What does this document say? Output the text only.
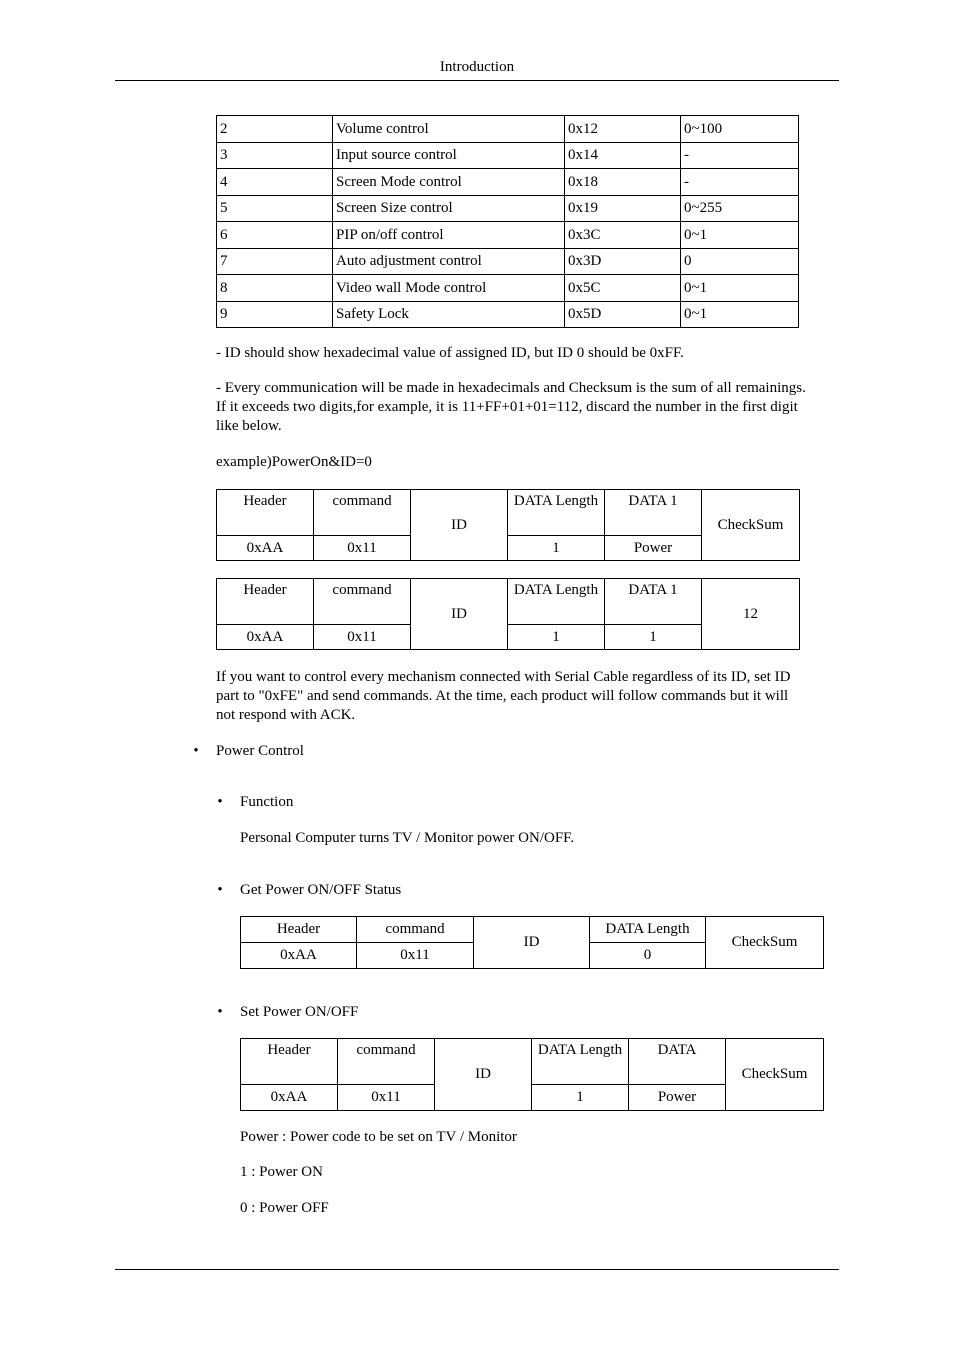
Introduction
2	Volume control	0x12	0~100
3	Input source control	0x14	-
4	Screen Mode control	0x18	-
5	Screen Size control	0x19	0~255
6	PIP on/off control	0x3C	0~1
7	Auto adjustment control	0x3D	0
8	Video wall Mode control	0x5C	0~1
9	Safety Lock	0x5D	0~1
- ID should show hexadecimal value of assigned ID, but ID 0 should be 0xFF.
- Every communication will be made in hexadecimals and Checksum is the sum of all remainings.
If it exceeds two digits,for example, it is 11+FF+01+01=112, discard the number in the first digit
like below.
example)PowerOn&ID=0
Header	command	ID	DATA Length	DATA 1	CheckSum
0xAA	0x11		1	Power	
Header	command	ID	DATA Length	DATA 1	12
0xAA	0x11		1	1	
If you want to control every mechanism connected with Serial Cable regardless of its ID, set ID
part to "0xFE" and send commands. At the time, each product will follow commands but it will
not respond with ACK.
• Power Control
• Function
Personal Computer turns TV / Monitor power ON/OFF.
• Get Power ON/OFF Status
Header	command	ID	DATA Length	CheckSum
0xAA	0x11		0	
• Set Power ON/OFF
Header	command	ID	DATA Length	DATA	CheckSum
0xAA	0x11		1	Power	
Power : Power code to be set on TV / Monitor
1 : Power ON
0 : Power OFF
